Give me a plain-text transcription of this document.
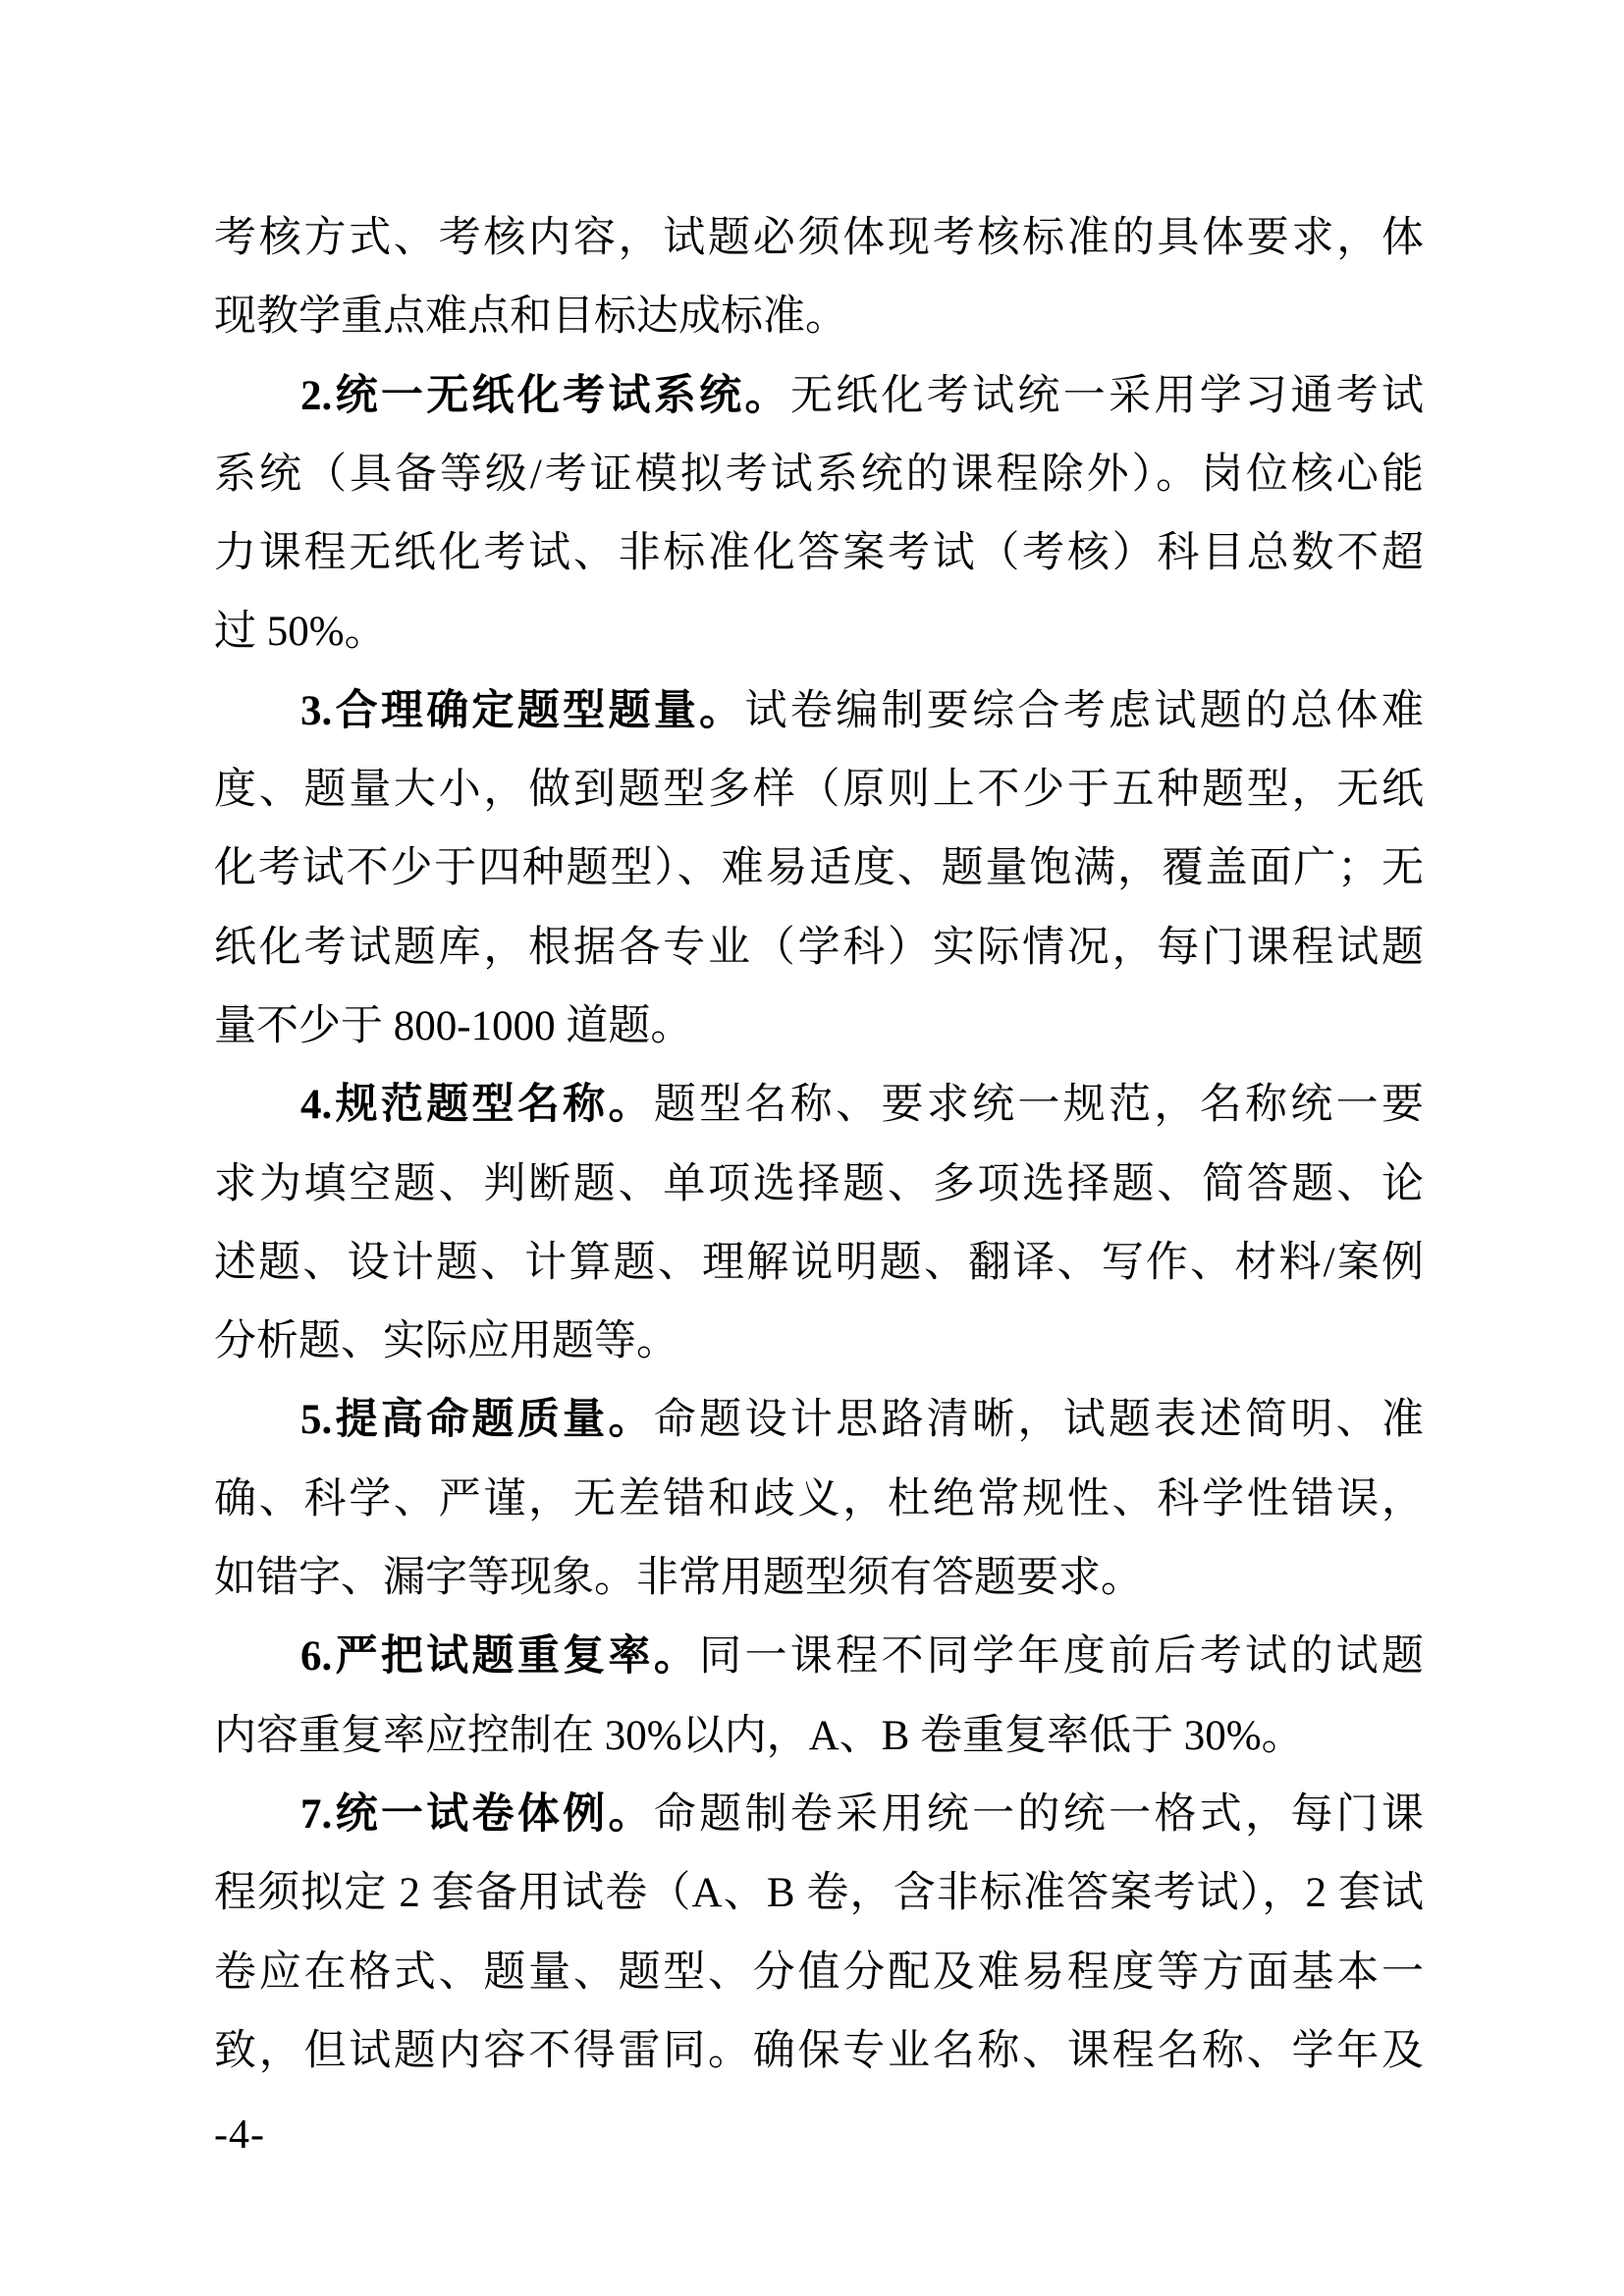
考核方式、考核内容，试题必须体现考核标准的具体要求，体
现教学重点难点和目标达成标准。
2.统一无纸化考试系统。无纸化考试统一采用学习通考试
系统（具备等级/考证模拟考试系统的课程除外）。岗位核心能
力课程无纸化考试、非标准化答案考试（考核）科目总数不超
过 50%。
3.合理确定题型题量。试卷编制要综合考虑试题的总体难
度、题量大小，做到题型多样（原则上不少于五种题型，无纸
化考试不少于四种题型）、难易适度、题量饱满，覆盖面广；无
纸化考试题库，根据各专业（学科）实际情况，每门课程试题
量不少于 800-1000 道题。
4.规范题型名称。题型名称、要求统一规范，名称统一要
求为填空题、判断题、单项选择题、多项选择题、简答题、论
述题、设计题、计算题、理解说明题、翻译、写作、材料/案例
分析题、实际应用题等。
5.提高命题质量。命题设计思路清晰，试题表述简明、准
确、科学、严谨，无差错和歧义，杜绝常规性、科学性错误，
如错字、漏字等现象。非常用题型须有答题要求。
6.严把试题重复率。同一课程不同学年度前后考试的试题
内容重复率应控制在 30%以内，A、B 卷重复率低于 30%。
7.统一试卷体例。命题制卷采用统一的统一格式，每门课
程须拟定 2 套备用试卷（A、B 卷，含非标准答案考试），2 套试
卷应在格式、题量、题型、分值分配及难易程度等方面基本一
致，但试题内容不得雷同。确保专业名称、课程名称、学年及
-4-
